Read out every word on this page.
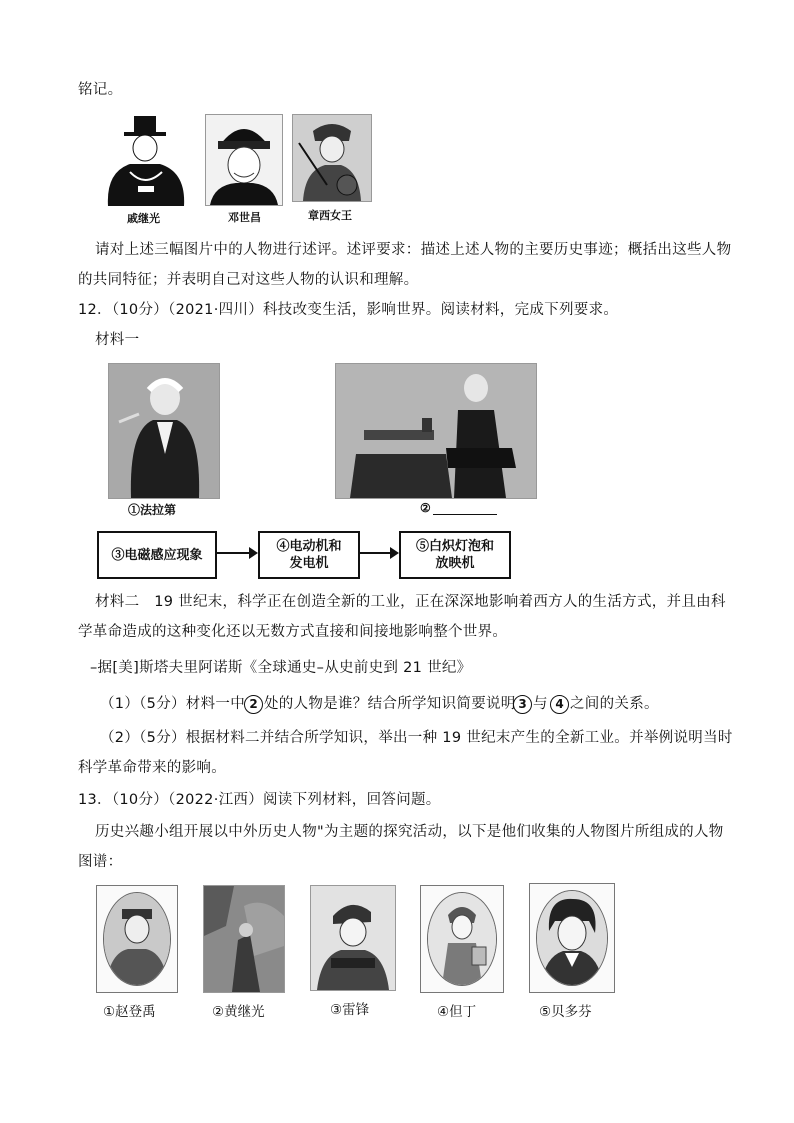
铭记。
戚继光	邓世昌	章西女王
请对上述三幅图片中的人物进行述评。述评要求：描述上述人物的主要历史事迹；概括出这些人物
的共同特征；并表明自己对这些人物的认识和理解。
12．（10分）（2021·四川）科技改变生活，影响世界。阅读材料，完成下列要求。
材料一
①法拉第	②
③电磁感应现象
④电动机和
发电机
⑤白炽灯泡和
放映机
材料二　19 世纪末，科学正在创造全新的工业，正在深深地影响着西方人的生活方式，并且由科
学革命造成的这种变化还以无数方式直接和间接地影响整个世界。
–据[美]斯塔夫里阿诺斯《全球通史–从史前史到 21 世纪》
（1）（5分）材料一中 2 处的人物是谁？结合所学知识简要说明 3 与 4 之间的关系。
（2）（5分）根据材料二并结合所学知识，举出一种 19 世纪末产生的全新工业。并举例说明当时
科学革命带来的影响。
13．（10分）（2022·江西）阅读下列材料，回答问题。
历史兴趣小组开展以中外历史人物"为主题的探究活动，以下是他们收集的人物图片所组成的人物
图谱：
①赵登禹	②黄继光	③雷锋	④但丁	⑤贝多芬
